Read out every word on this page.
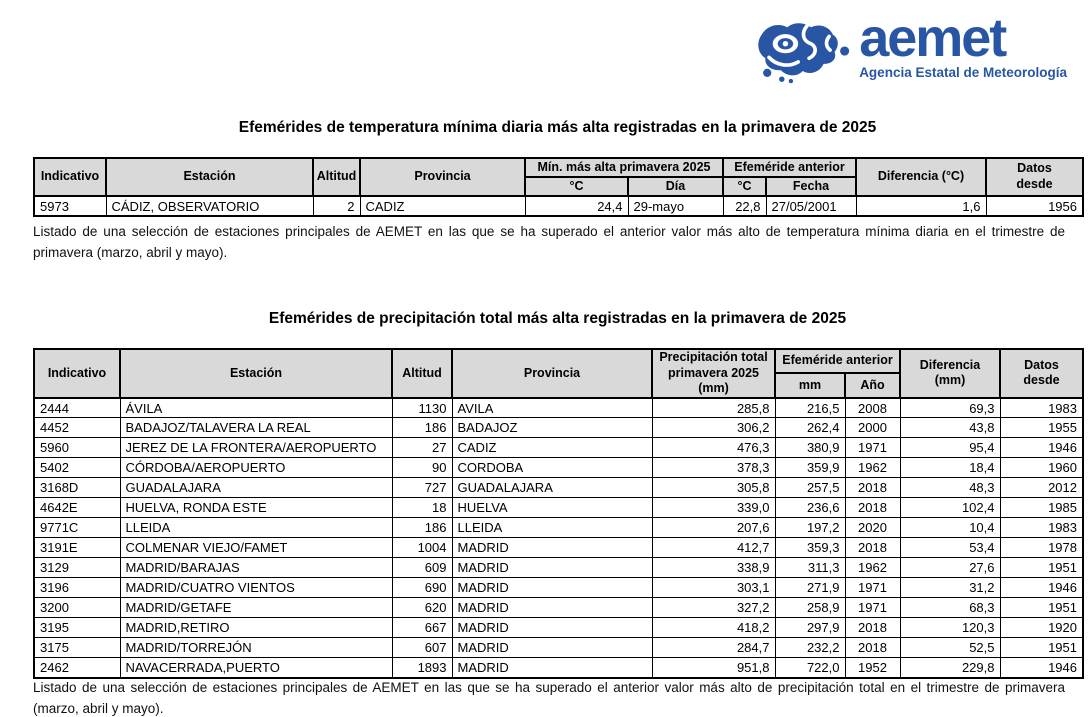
aemet
Agencia Estatal de Meteorología
Efemérides de temperatura mínima diaria más alta registradas en la primavera de 2025
Indicativo	Estación	Altitud	Provincia	Mín. más alta primavera 2025		Efeméride anterior		Diferencia (°C)	Datos desde
				°C	Día	°C	Fecha		
5973	CÁDIZ, OBSERVATORIO	2	CADIZ	24,4	29-mayo	22,8	27/05/2001	1,6	1956

Listado de una selección de estaciones principales de AEMET en las que se ha superado el anterior valor más alto de temperatura mínima diaria en el trimestre de primavera (marzo, abril y mayo).

Efemérides de precipitación total más alta registradas en la primavera de 2025
Indicativo	Estación	Altitud	Provincia	Precipitación total primavera 2025 (mm)	Efeméride anterior		Diferencia (mm)	Datos desde
					mm	Año		
2444	ÁVILA	1130	AVILA	285,8	216,5	2008	69,3	1983
4452	BADAJOZ/TALAVERA LA REAL	186	BADAJOZ	306,2	262,4	2000	43,8	1955
5960	JEREZ DE LA FRONTERA/AEROPUERTO	27	CADIZ	476,3	380,9	1971	95,4	1946
5402	CÓRDOBA/AEROPUERTO	90	CORDOBA	378,3	359,9	1962	18,4	1960
3168D	GUADALAJARA	727	GUADALAJARA	305,8	257,5	2018	48,3	2012
4642E	HUELVA, RONDA ESTE	18	HUELVA	339,0	236,6	2018	102,4	1985
9771C	LLEIDA	186	LLEIDA	207,6	197,2	2020	10,4	1983
3191E	COLMENAR VIEJO/FAMET	1004	MADRID	412,7	359,3	2018	53,4	1978
3129	MADRID/BARAJAS	609	MADRID	338,9	311,3	1962	27,6	1951
3196	MADRID/CUATRO VIENTOS	690	MADRID	303,1	271,9	1971	31,2	1946
3200	MADRID/GETAFE	620	MADRID	327,2	258,9	1971	68,3	1951
3195	MADRID,RETIRO	667	MADRID	418,2	297,9	2018	120,3	1920
3175	MADRID/TORREJÓN	607	MADRID	284,7	232,2	2018	52,5	1951
2462	NAVACERRADA,PUERTO	1893	MADRID	951,8	722,0	1952	229,8	1946

Listado de una selección de estaciones principales de AEMET en las que se ha superado el anterior valor más alto de precipitación total en el trimestre de primavera (marzo, abril y mayo).
